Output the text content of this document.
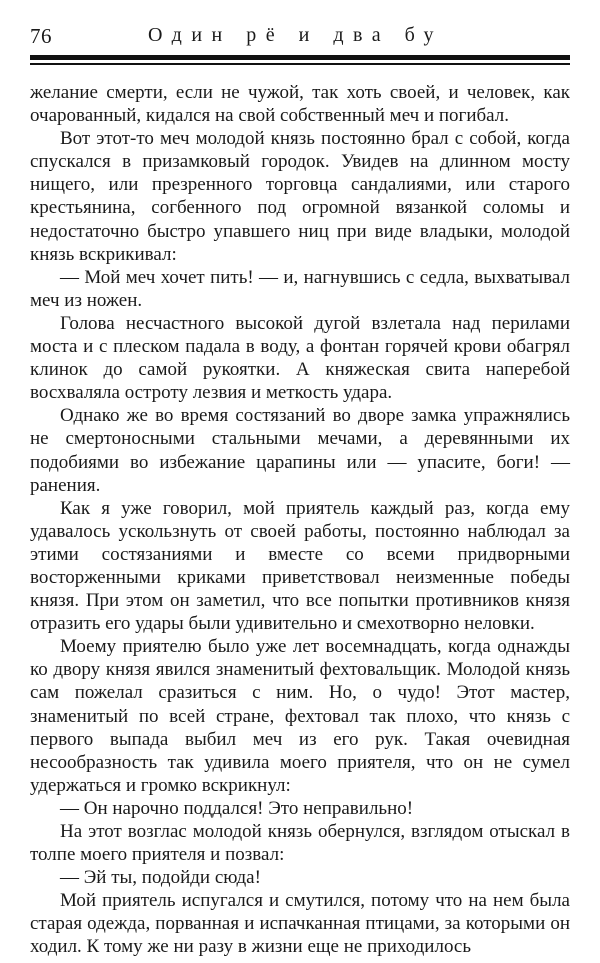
76	Один рё и два бу

желание смерти, если не чужой, так хоть своей, и человек, как очарованный, кидался на свой собственный меч и погибал.

Вот этот-то меч молодой князь постоянно брал с собой, когда спускался в призамковый городок. Увидев на длинном мосту нищего, или презренного торговца сандалиями, или старого крестьянина, согбенного под огромной вязанкой соломы и недостаточно быстро упавшего ниц при виде владыки, молодой князь вскрикивал:

— Мой меч хочет пить! — и, нагнувшись с седла, выхватывал меч из ножен.

Голова несчастного высокой дугой взлетала над перилами моста и с плеском падала в воду, а фонтан горячей крови обагрял клинок до самой рукоятки. А княжеская свита наперебой восхваляла остроту лезвия и меткость удара.

Однако же во время состязаний во дворе замка упражнялись не смертоносными стальными мечами, а деревянными их подобиями во избежание царапины или — упасите, боги! — ранения.

Как я уже говорил, мой приятель каждый раз, когда ему удавалось ускользнуть от своей работы, постоянно наблюдал за этими состязаниями и вместе со всеми придворными восторженными криками приветствовал неизменные победы князя. При этом он заметил, что все попытки противников князя отразить его удары были удивительно и смехотворно неловки.

Моему приятелю было уже лет восемнадцать, когда однажды ко двору князя явился знаменитый фехтовальщик. Молодой князь сам пожелал сразиться с ним. Но, о чудо! Этот мастер, знаменитый по всей стране, фехтовал так плохо, что князь с первого выпада выбил меч из его рук. Такая очевидная несообразность так удивила моего приятеля, что он не сумел удержаться и громко вскрикнул:

— Он нарочно поддался! Это неправильно!

На этот возглас молодой князь обернулся, взглядом отыскал в толпе моего приятеля и позвал:

— Эй ты, подойди сюда!

Мой приятель испугался и смутился, потому что на нем была старая одежда, порванная и испачканная птицами, за которыми он ходил. К тому же ни разу в жизни еще не приходилось
